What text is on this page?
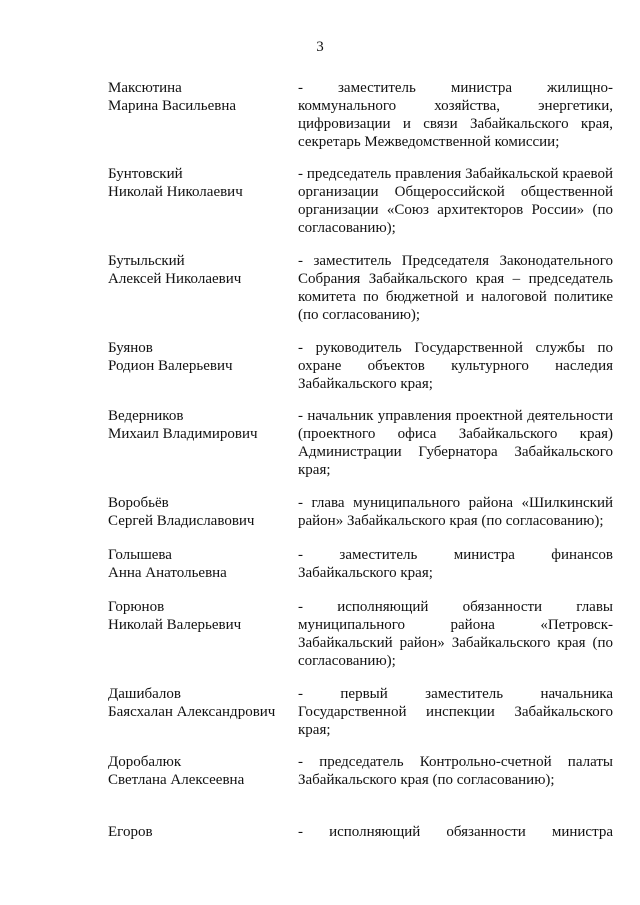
3
Максютина
Марина Васильевна
- заместитель министра жилищно-коммунального хозяйства, энергетики, цифровизации и связи Забайкальского края, секретарь Межведомственной комиссии;
Бунтовский
Николай Николаевич
- председатель правления Забайкальской краевой организации Общероссийской общественной организации «Союз архитекторов России» (по согласованию);
Бутыльский
Алексей Николаевич
- заместитель Председателя Законодательного Собрания Забайкальского края – председатель комитета по бюджетной и налоговой политике (по согласованию);
Буянов
Родион Валерьевич
- руководитель Государственной службы по охране объектов культурного наследия Забайкальского края;
Ведерников
Михаил Владимирович
- начальник управления проектной деятельности (проектного офиса Забайкальского края) Администрации Губернатора Забайкальского края;
Воробьёв
Сергей Владиславович
- глава муниципального района «Шилкинский район» Забайкальского края (по согласованию);
Голышева
Анна Анатольевна
- заместитель министра финансов Забайкальского края;
Горюнов
Николай Валерьевич
- исполняющий обязанности главы муниципального района «Петровск-Забайкальский район» Забайкальского края (по согласованию);
Дашибалов
Баясхалан Александрович
- первый заместитель начальника Государственной инспекции Забайкальского края;
Доробалюк
Светлана Алексеевна
- председатель Контрольно-счетной палаты Забайкальского края (по согласованию);
Егоров	- исполняющий обязанности министра
